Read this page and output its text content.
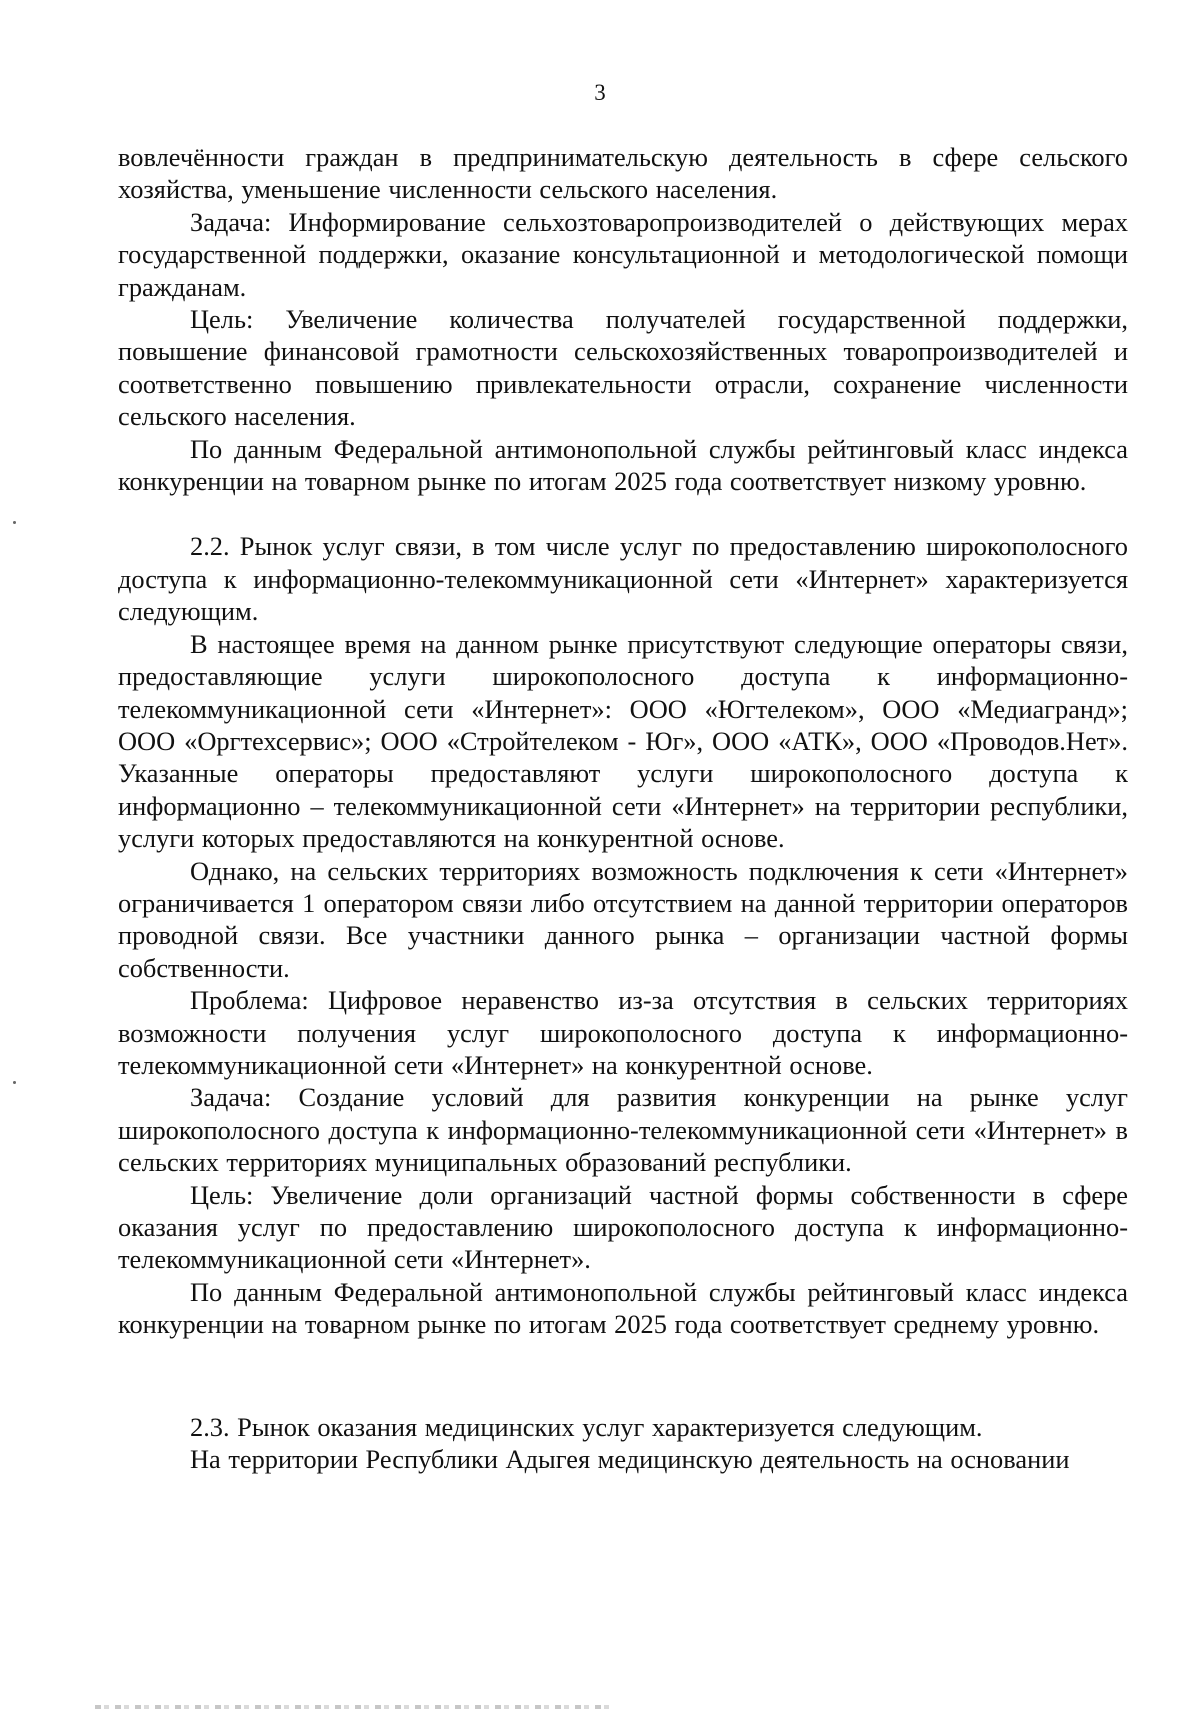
3

вовлечённости граждан в предпринимательскую деятельность в сфере сельского хозяйства, уменьшение численности сельского населения.

Задача: Информирование сельхозтоваропроизводителей о действующих мерах государственной поддержки, оказание консультационной и методологической помощи гражданам.

Цель: Увеличение количества получателей государственной поддержки, повышение финансовой грамотности сельскохозяйственных товаропроизводителей и соответственно повышению привлекательности отрасли, сохранение численности сельского населения.

По данным Федеральной антимонопольной службы рейтинговый класс индекса конкуренции на товарном рынке по итогам 2025 года соответствует низкому уровню.

2.2. Рынок услуг связи, в том числе услуг по предоставлению широкополосного доступа к информационно-телекоммуникационной сети «Интернет» характеризуется следующим.

В настоящее время на данном рынке присутствуют следующие операторы связи, предоставляющие услуги широкополосного доступа к информационно-телекоммуникационной сети «Интернет»: ООО «Югтелеком», ООО «Медиагранд»; ООО «Оргтехсервис»; ООО «Стройтелеком - Юг», ООО «АТК», ООО «Проводов.Нет». Указанные операторы предоставляют услуги широкополосного доступа к информационно – телекоммуникационной сети «Интернет» на территории республики, услуги которых предоставляются на конкурентной основе.

Однако, на сельских территориях возможность подключения к сети «Интернет» ограничивается 1 оператором связи либо отсутствием на данной территории операторов проводной связи. Все участники данного рынка – организации частной формы собственности.

Проблема: Цифровое неравенство из-за отсутствия в сельских территориях возможности получения услуг широкополосного доступа к информационно-телекоммуникационной сети «Интернет» на конкурентной основе.

Задача: Создание условий для развития конкуренции на рынке услуг широкополосного доступа к информационно-телекоммуникационной сети «Интернет» в сельских территориях муниципальных образований республики.

Цель: Увеличение доли организаций частной формы собственности в сфере оказания услуг по предоставлению широкополосного доступа к информационно-телекоммуникационной сети «Интернет».

По данным Федеральной антимонопольной службы рейтинговый класс индекса конкуренции на товарном рынке по итогам 2025 года соответствует среднему уровню.

2.3. Рынок оказания медицинских услуг характеризуется следующим.

На территории Республики Адыгея медицинскую деятельность на основании
